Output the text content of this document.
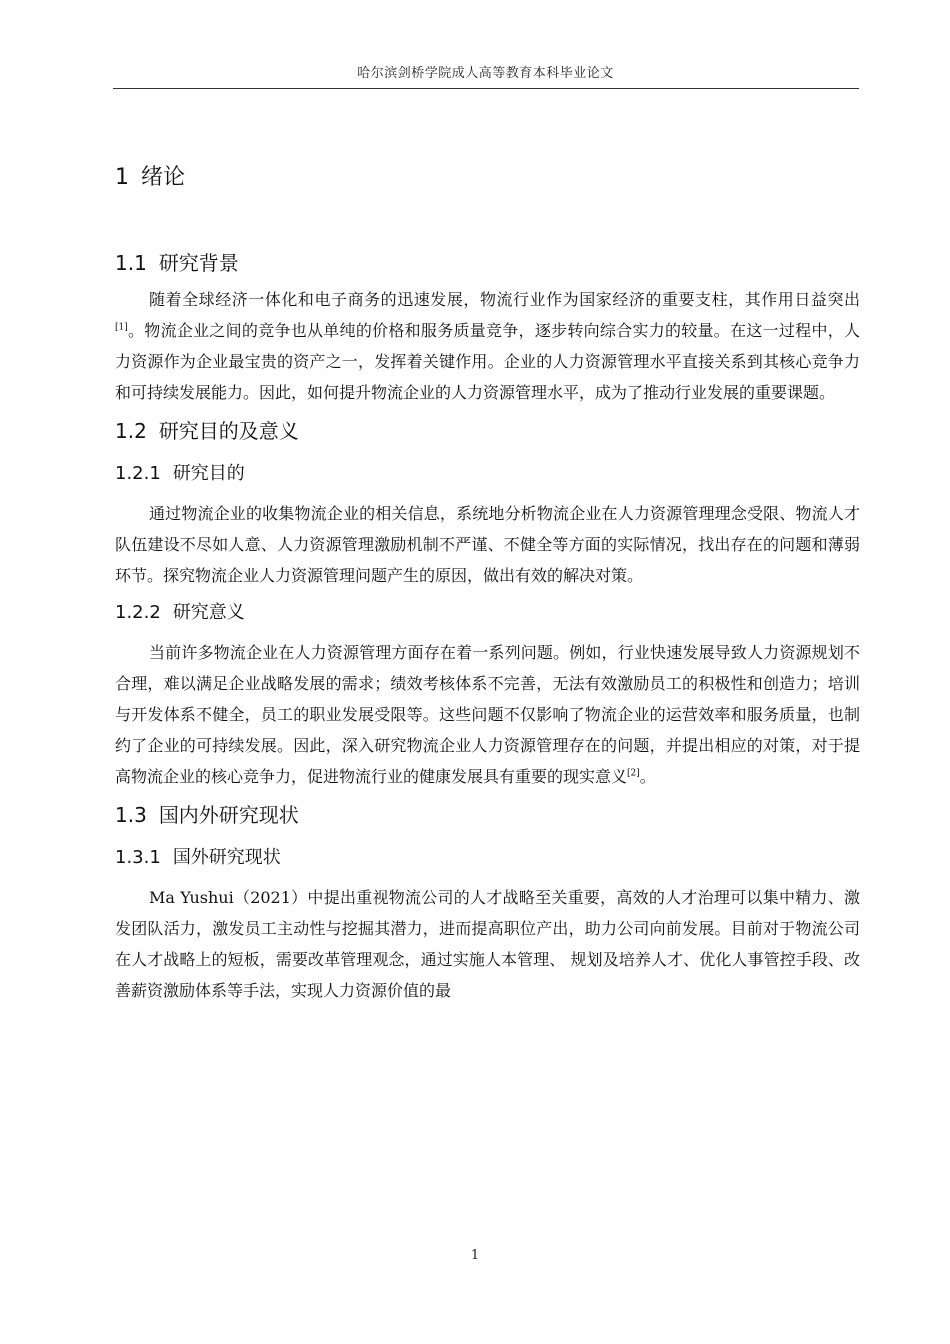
哈尔滨剑桥学院成人高等教育本科毕业论文
1 绪论
1.1 研究背景

随着全球经济一体化和电子商务的迅速发展，物流行业作为国家经济的重要支柱，其作用日益突出[1]。物流企业之间的竞争也从单纯的价格和服务质量竞争，逐步转向综合实力的较量。在这一过程中，人力资源作为企业最宝贵的资产之一，发挥着关键作用。企业的人力资源管理水平直接关系到其核心竞争力和可持续发展能力。因此，如何提升物流企业的人力资源管理水平，成为了推动行业发展的重要课题。

1.2 研究目的及意义
1.2.1 研究目的

通过物流企业的收集物流企业的相关信息，系统地分析物流企业在人力资源管理理念受限、物流人才队伍建设不尽如人意、人力资源管理激励机制不严谨、不健全等方面的实际情况，找出存在的问题和薄弱环节。探究物流企业人力资源管理问题产生的原因，做出有效的解决对策。

1.2.2 研究意义

当前许多物流企业在人力资源管理方面存在着一系列问题。例如，行业快速发展导致人力资源规划不合理，难以满足企业战略发展的需求；绩效考核体系不完善，无法有效激励员工的积极性和创造力；培训与开发体系不健全，员工的职业发展受限等。这些问题不仅影响了物流企业的运营效率和服务质量，也制约了企业的可持续发展。因此，深入研究物流企业人力资源管理存在的问题，并提出相应的对策，对于提高物流企业的核心竞争力，促进物流行业的健康发展具有重要的现实意义[2]。

1.3 国内外研究现状
1.3.1 国外研究现状

Ma Yushui（2021）中提出重视物流公司的人才战略至关重要，高效的人才治理可以集中精力、激发团队活力，激发员工主动性与挖掘其潜力，进而提高职位产出，助力公司向前发展。目前对于物流公司在人才战略上的短板，需要改革管理观念，通过实施人本管理、 规划及培养人才、优化人事管控手段、改善薪资激励体系等手法，实现人力资源价值的最

1
